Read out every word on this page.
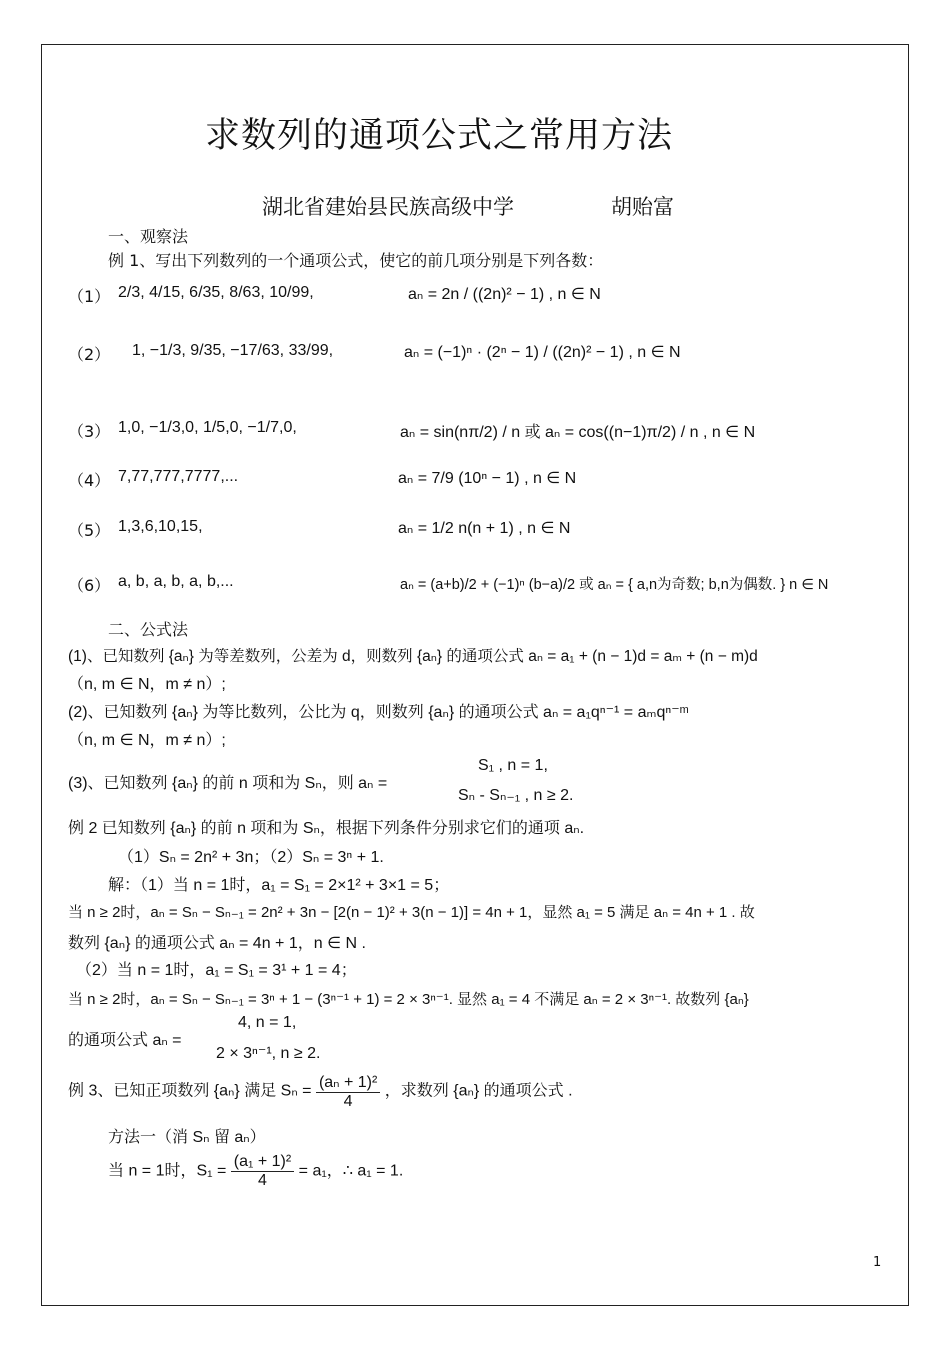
求数列的通项公式之常用方法
湖北省建始县民族高级中学	胡贻富
一、观察法
例 1、写出下列数列的一个通项公式，使它的前几项分别是下列各数：
（1） 2/3, 4/15, 6/35, 8/63, 10/99,	aₙ = 2n / ((2n)² − 1) , n ∈ N
（2） 1, −1/3, 9/35, −17/63, 33/99,	aₙ = (−1)ⁿ · (2ⁿ − 1) / ((2n)² − 1) , n ∈ N
（3） 1,0, −1/3,0, 1/5,0, −1/7,0,	aₙ = sin(nπ/2) / n 或 aₙ = cos((n−1)π/2) / n , n ∈ N
（4） 7,77,777,7777,...	aₙ = 7/9 (10ⁿ − 1) , n ∈ N
（5） 1,3,6,10,15,	aₙ = 1/2 n(n + 1) , n ∈ N
（6） a, b, a, b, a, b,...	aₙ = (a+b)/2 + (−1)ⁿ (b−a)/2 或 aₙ = { a,n为奇数; b,n为偶数. } n ∈ N
二、公式法
(1)、已知数列 {aₙ} 为等差数列，公差为 d，则数列 {aₙ} 的通项公式 aₙ = a₁ + (n − 1)d = aₘ + (n − m)d
（n, m ∈ N，m ≠ n）;
(2)、已知数列 {aₙ} 为等比数列，公比为 q，则数列 {aₙ} 的通项公式 aₙ = a₁qⁿ⁻¹ = aₘqⁿ⁻ᵐ
（n, m ∈ N，m ≠ n）;
(3)、已知数列 {aₙ} 的前 n 项和为 Sₙ，则 aₙ =
S₁ , n = 1,
Sₙ - Sₙ₋₁ , n ≥ 2.
例 2 已知数列 {aₙ} 的前 n 项和为 Sₙ，根据下列条件分别求它们的通项 aₙ.
（1）Sₙ = 2n² + 3n；（2）Sₙ = 3ⁿ + 1.
解：（1）当 n = 1时，a₁ = S₁ = 2×1² + 3×1 = 5；
当 n ≥ 2时，aₙ = Sₙ − Sₙ₋₁ = 2n² + 3n − [2(n − 1)² + 3(n − 1)] = 4n + 1，显然 a₁ = 5 满足 aₙ = 4n + 1 . 故
数列 {aₙ} 的通项公式 aₙ = 4n + 1，n ∈ N .
（2）当 n = 1时，a₁ = S₁ = 3¹ + 1 = 4；
当 n ≥ 2时，aₙ = Sₙ − Sₙ₋₁ = 3ⁿ + 1 − (3ⁿ⁻¹ + 1) = 2 × 3ⁿ⁻¹. 显然 a₁ = 4 不满足 aₙ = 2 × 3ⁿ⁻¹. 故数列 {aₙ}
的通项公式 aₙ =
4, n = 1,
2 × 3ⁿ⁻¹, n ≥ 2.
例 3、已知正项数列 {aₙ} 满足 $S_n = \frac{\text{(aₙ + 1)²}}{4}$ ，求数列 {aₙ} 的通项公式 .
方法一（消 Sₙ 留 aₙ）
当 n = 1时，$S_1 = \frac{\text{(a₁ + 1)²}}{4} = a_1$，∴ a₁ = 1.
1
